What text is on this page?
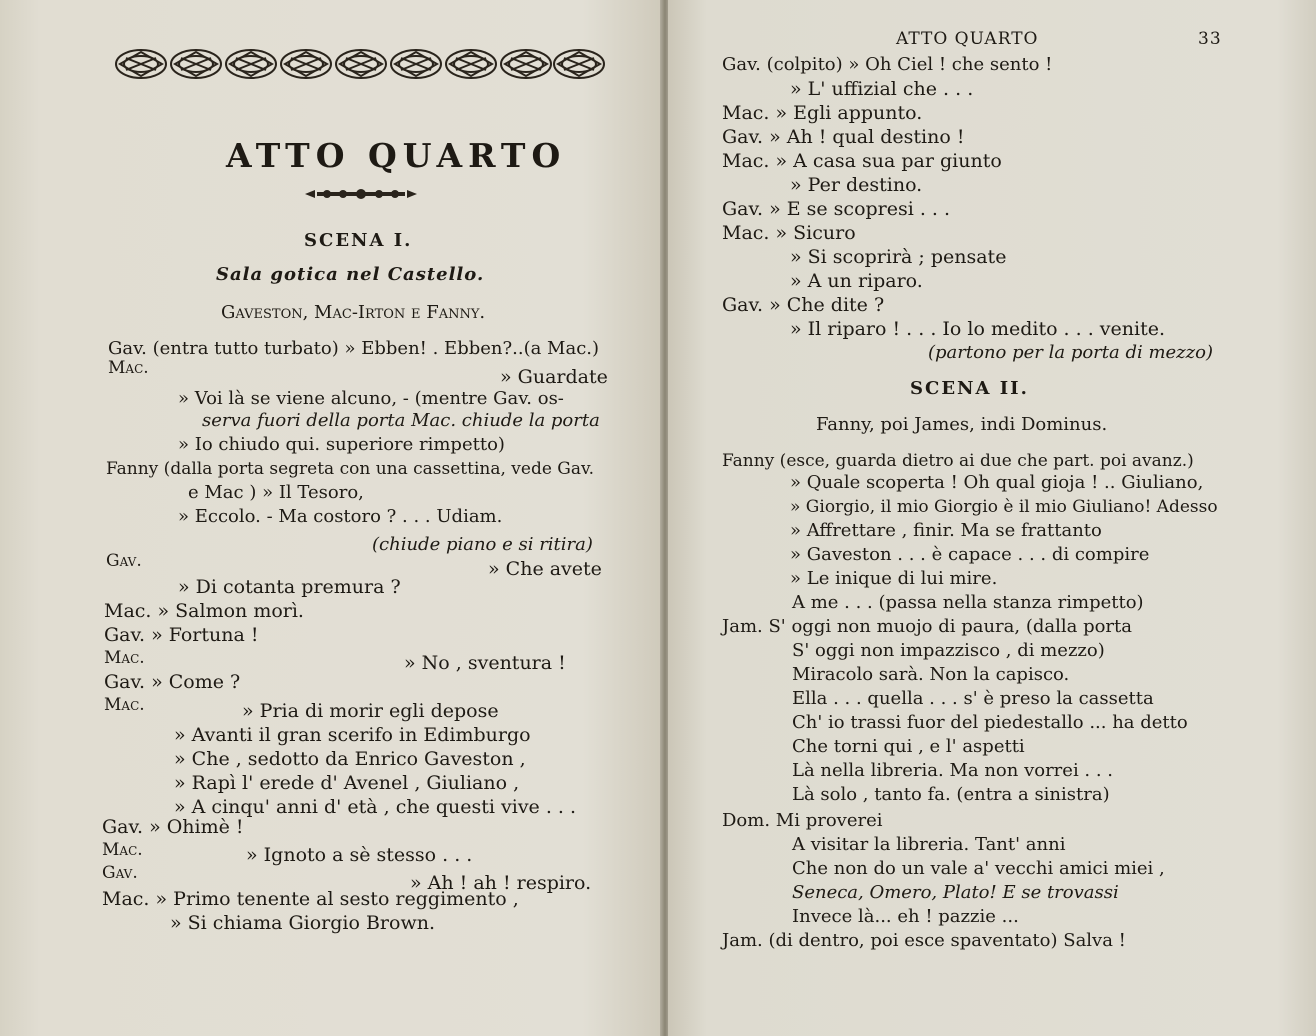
ATTO QUARTO
SCENA I.
Sala gotica nel Castello.
Gaveston, Mac-Irton e Fanny.
Gav. (entra tutto turbato) » Ebben! . Ebben?..(a Mac.)
Mac.	» Guardate
» Voi là se viene alcuno, - (mentre Gav. os-
serva fuori della porta Mac. chiude la porta
» Io chiudo qui. superiore rimpetto)
Fanny (dalla porta segreta con una cassettina, vede Gav.
e Mac ) » Il Tesoro,
» Eccolo. - Ma costoro ? . . . Udiam.
(chiude piano e si ritira)
Gav.	» Che avete
» Di cotanta premura ?
Mac. » Salmon morì.
Gav. » Fortuna !
Mac.	» No , sventura !
Gav. » Come ?
Mac.	» Pria di morir egli depose
» Avanti il gran scerifo in Edimburgo
» Che , sedotto da Enrico Gaveston ,
» Rapì l' erede d' Avenel , Giuliano ,
» A cinqu' anni d' età , che questi vive . . .
Gav. » Ohimè !
Mac.	» Ignoto a sè stesso . . .
Gav.	» Ah ! ah ! respiro.
Mac. » Primo tenente al sesto reggimento ,
» Si chiama Giorgio Brown.
ATTO QUARTO	33
Gav. (colpito) » Oh Ciel ! che sento !
» L' uffizial che . . .
Mac. » Egli appunto.
Gav. » Ah ! qual destino !
Mac. » A casa sua par giunto
» Per destino.
Gav. » E se scopresi . . .
Mac. » Sicuro
» Si scoprirà ; pensate
» A un riparo.
Gav. » Che dite ?
» Il riparo ! . . . Io lo medito . . . venite.
(partono per la porta di mezzo)
SCENA II.
Fanny, poi James, indi Dominus.
Fanny (esce, guarda dietro ai due che part. poi avanz.)
» Quale scoperta ! Oh qual gioja ! .. Giuliano,
» Giorgio, il mio Giorgio è il mio Giuliano! Adesso
» Affrettare , finir. Ma se frattanto
» Gaveston . . . è capace . . . di compire
» Le inique di lui mire.
A me . . . (passa nella stanza rimpetto)
Jam. S' oggi non muojo di paura, (dalla porta
S' oggi non impazzisco , di mezzo)
Miracolo sarà. Non la capisco.
Ella . . . quella . . . s' è preso la cassetta
Ch' io trassi fuor del piedestallo ... ha detto
Che torni qui , e l' aspetti
Là nella libreria. Ma non vorrei . . .
Là solo , tanto fa. (entra a sinistra)
Dom. Mi proverei
A visitar la libreria. Tant' anni
Che non do un vale a' vecchi amici miei ,
Seneca, Omero, Plato! E se trovassi
Invece là... eh ! pazzie ...
Jam. (di dentro, poi esce spaventato) Salva !
